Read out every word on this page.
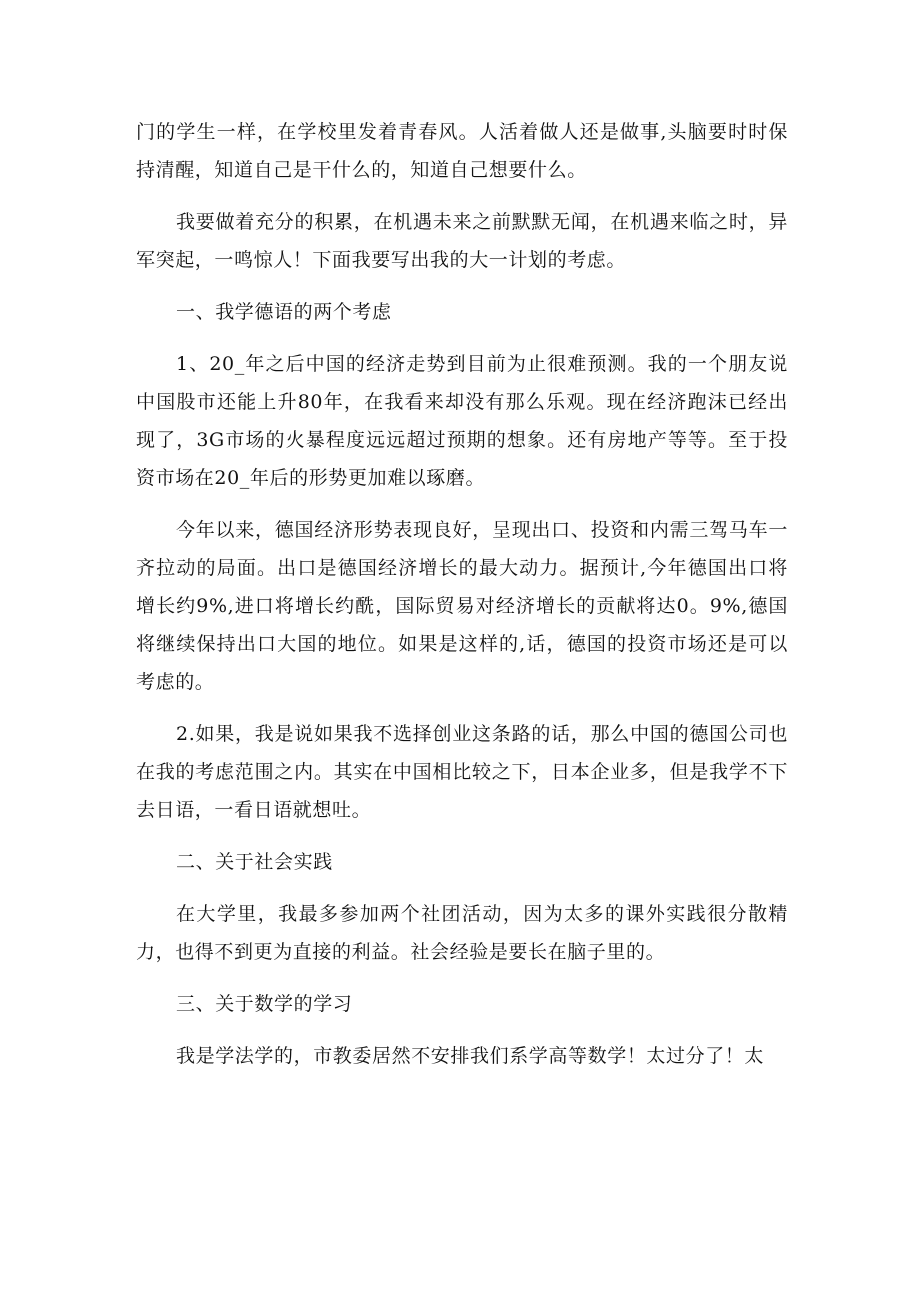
门的学生一样，在学校里发着青春风。人活着做人还是做事,头脑要时时保持清醒，知道自己是干什么的，知道自己想要什么。

我要做着充分的积累，在机遇未来之前默默无闻，在机遇来临之时，异军突起，一鸣惊人！下面我要写出我的大一计划的考虑。

一、我学德语的两个考虑

1、20_年之后中国的经济走势到目前为止很难预测。我的一个朋友说中国股市还能上升80年，在我看来却没有那么乐观。现在经济跑沫已经出现了，3G市场的火暴程度远远超过预期的想象。还有房地产等等。至于投资市场在20_年后的形势更加难以琢磨。

今年以来，德国经济形势表现良好，呈现出口、投资和内需三驾马车一齐拉动的局面。出口是德国经济增长的最大动力。据预计,今年德国出口将增长约9%,进口将增长约酰，国际贸易对经济增长的贡献将达0。9%,德国将继续保持出口大国的地位。如果是这样的,话，德国的投资市场还是可以考虑的。

2.如果，我是说如果我不选择创业这条路的话，那么中国的德国公司也在我的考虑范围之内。其实在中国相比较之下，日本企业多，但是我学不下去日语，一看日语就想吐。

二、关于社会实践

在大学里，我最多参加两个社团活动，因为太多的课外实践很分散精力，也得不到更为直接的利益。社会经验是要长在脑子里的。

三、关于数学的学习

我是学法学的，市教委居然不安排我们系学高等数学！太过分了！太
